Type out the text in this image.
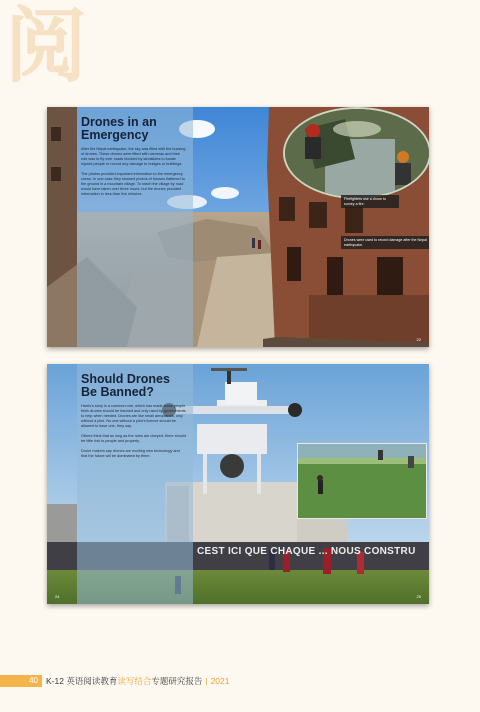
阅
Drones in an Emergency

After the Nepal earthquake, the sky was filled with the buzzing of drones. These drones were fitted with cameras and their role was to fly over roads blocked by landslides to locate injured people or record any damage to bridges or buildings.

The photos provided important information to the emergency crews. In one case they showed photos of houses flattened to the ground in a mountain village. To reach the village by road would have taken over three hours, but the drones provided information in less than five minutes.

Firefighters use a drone to survey a fire.
Drones were used to record damage after the Nepal earthquake.
22
Should Drones Be Banned?

Harris's story is a common one, which has made some people think drones should be banned and only used by governments to help when needed. Drones are like small aeroplanes, only without a pilot. No one without a pilot's licence should be allowed to have one, they say.

Others think that as long as the rules are obeyed, there should be little risk to people and property.

Drone makers say drones are exciting new technology and that the future will be dominated by them.

CEST ICI QUE CHAQUE ... NOUS CONSTRU
24	25
40 K-12 英语阅读教育读写结合专题研究报告 | 2021
